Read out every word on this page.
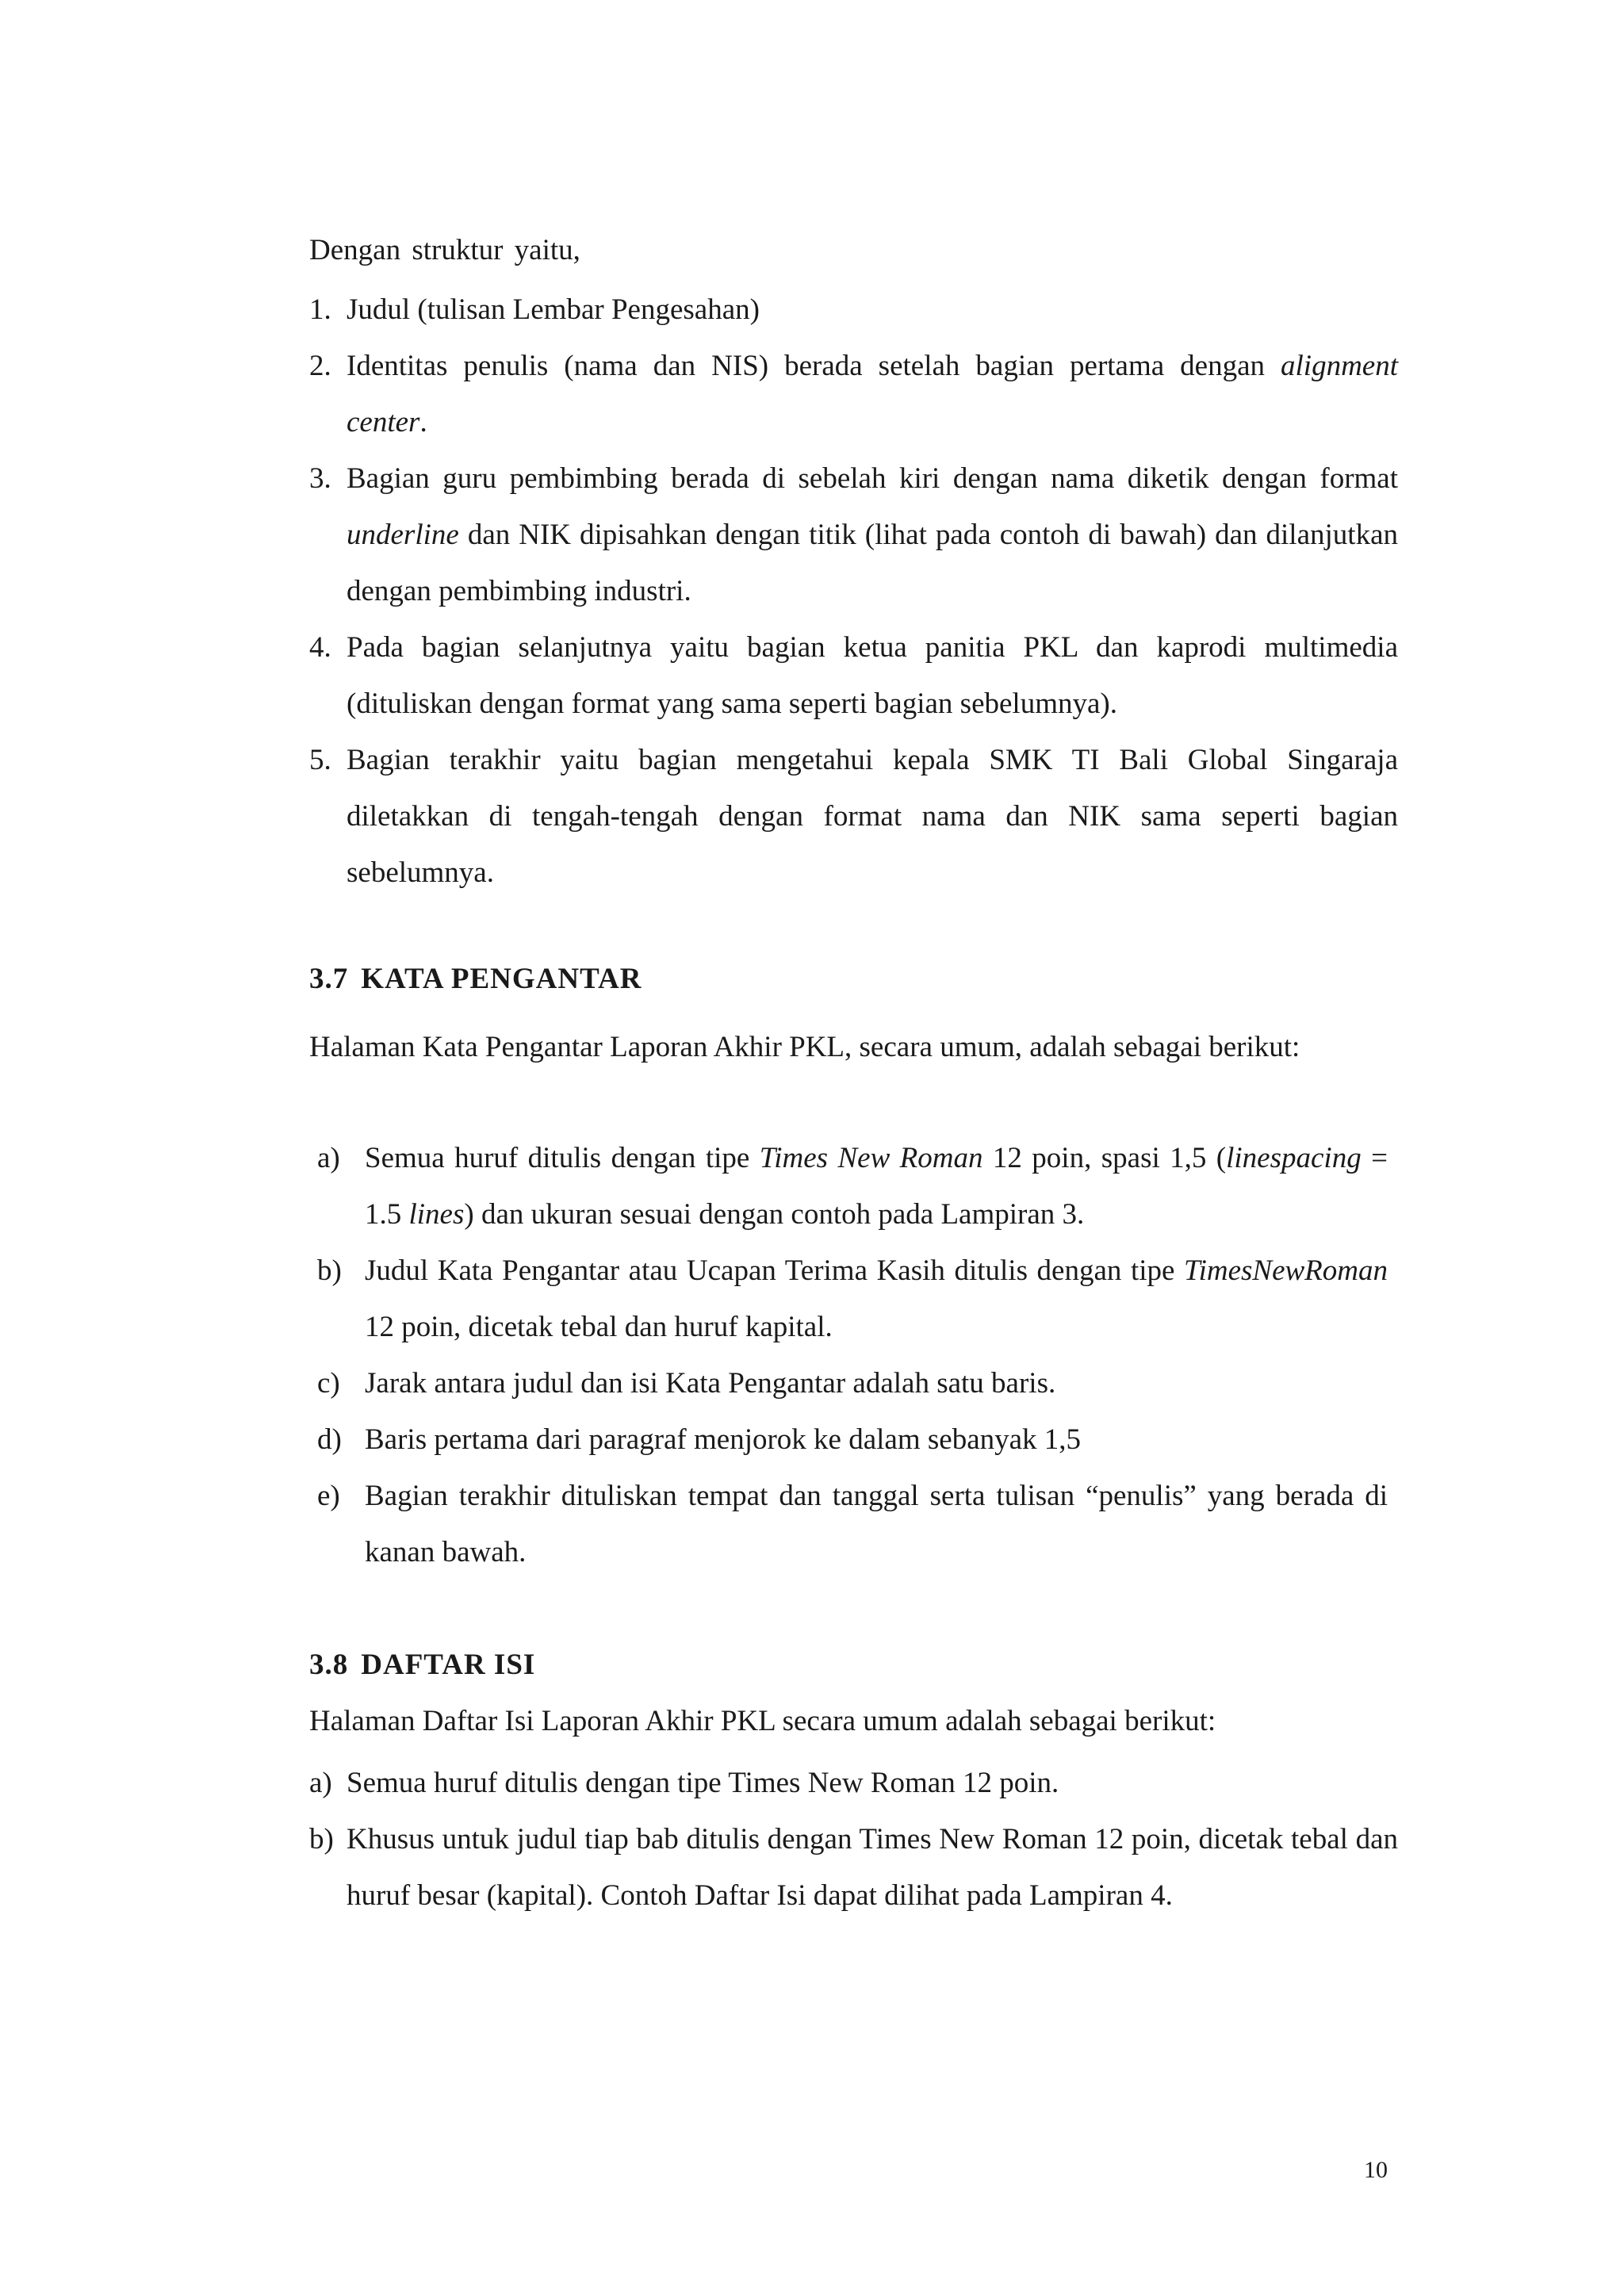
Dengan struktur yaitu,
1. Judul (tulisan Lembar Pengesahan)
2. Identitas penulis (nama dan NIS) berada setelah bagian pertama dengan alignment center.
3. Bagian guru pembimbing berada di sebelah kiri dengan nama diketik dengan format underline dan NIK dipisahkan dengan titik (lihat pada contoh di bawah) dan dilanjutkan dengan pembimbing industri.
4. Pada bagian selanjutnya yaitu bagian ketua panitia PKL dan kaprodi multimedia (dituliskan dengan format yang sama seperti bagian sebelumnya).
5. Bagian terakhir yaitu bagian mengetahui kepala SMK TI Bali Global Singaraja diletakkan di tengah-tengah dengan format nama dan NIK sama seperti bagian sebelumnya.
3.7 KATA PENGANTAR
Halaman Kata Pengantar Laporan Akhir PKL, secara umum, adalah sebagai berikut:
a) Semua huruf ditulis dengan tipe Times New Roman 12 poin, spasi 1,5 (linespacing = 1.5 lines) dan ukuran sesuai dengan contoh pada Lampiran 3.
b) Judul Kata Pengantar atau Ucapan Terima Kasih ditulis dengan tipe TimesNewRoman 12 poin, dicetak tebal dan huruf kapital.
c) Jarak antara judul dan isi Kata Pengantar adalah satu baris.
d) Baris pertama dari paragraf menjorok ke dalam sebanyak 1,5
e) Bagian terakhir dituliskan tempat dan tanggal serta tulisan “penulis” yang berada di kanan bawah.
3.8 DAFTAR ISI
Halaman Daftar Isi Laporan Akhir PKL secara umum adalah sebagai berikut:
a) Semua huruf ditulis dengan tipe Times New Roman 12 poin.
b) Khusus untuk judul tiap bab ditulis dengan Times New Roman 12 poin, dicetak tebal dan huruf besar (kapital). Contoh Daftar Isi dapat dilihat pada Lampiran 4.
10
